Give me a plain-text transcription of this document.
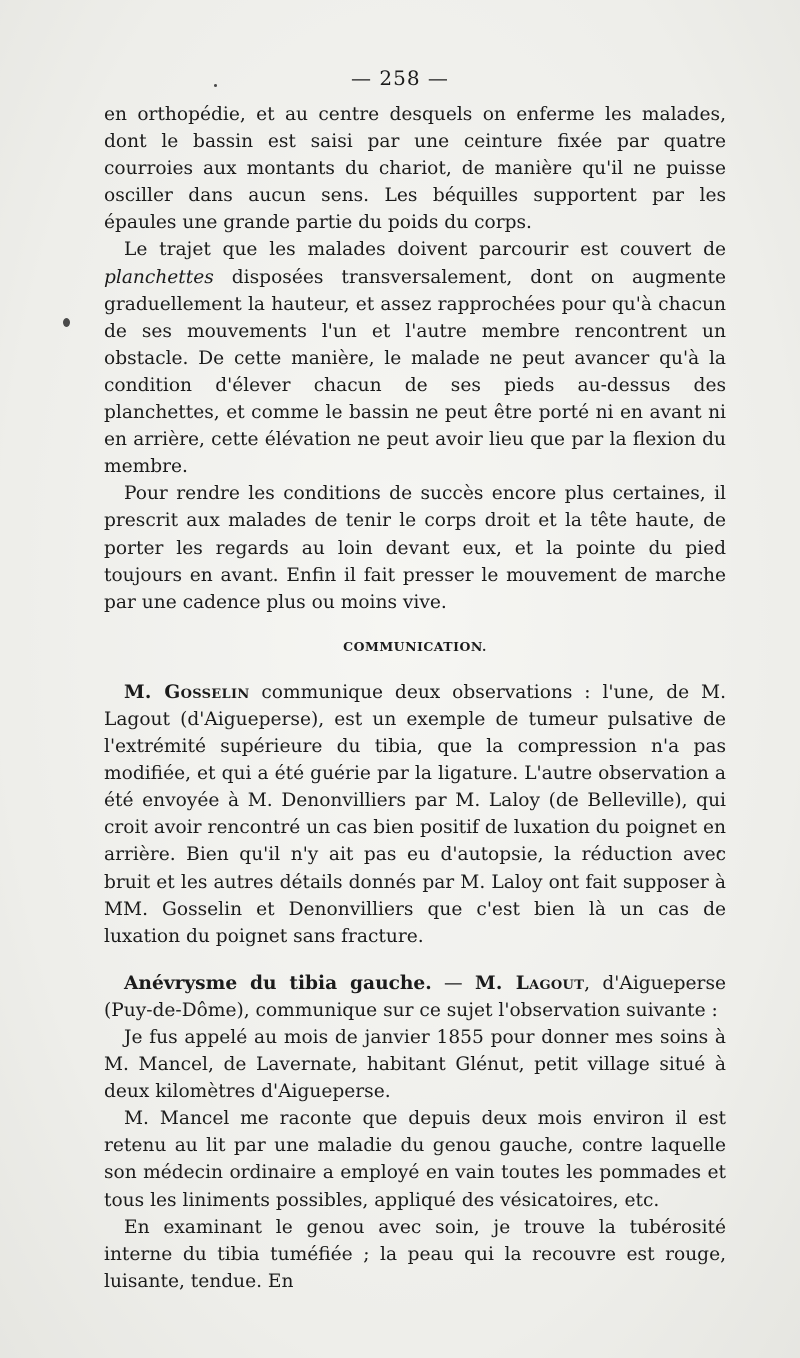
— 258 —

en orthopédie, et au centre desquels on enferme les malades, dont le bassin est saisi par une ceinture fixée par quatre courroies aux montants du chariot, de manière qu'il ne puisse osciller dans aucun sens. Les béquilles supportent par les épaules une grande partie du poids du corps.

Le trajet que les malades doivent parcourir est couvert de planchettes disposées transversalement, dont on augmente graduellement la hauteur, et assez rapprochées pour qu'à chacun de ses mouvements l'un et l'autre membre rencontrent un obstacle. De cette manière, le malade ne peut avancer qu'à la condition d'élever chacun de ses pieds au-dessus des planchettes, et comme le bassin ne peut être porté ni en avant ni en arrière, cette élévation ne peut avoir lieu que par la flexion du membre.

Pour rendre les conditions de succès encore plus certaines, il prescrit aux malades de tenir le corps droit et la tête haute, de porter les regards au loin devant eux, et la pointe du pied toujours en avant. Enfin il fait presser le mouvement de marche par une cadence plus ou moins vive.

COMMUNICATION.

M. Gosselin communique deux observations : l'une, de M. Lagout (d'Aigueperse), est un exemple de tumeur pulsative de l'extrémité supérieure du tibia, que la compression n'a pas modifiée, et qui a été guérie par la ligature. L'autre observation a été envoyée à M. Denonvilliers par M. Laloy (de Belleville), qui croit avoir rencontré un cas bien positif de luxation du poignet en arrière. Bien qu'il n'y ait pas eu d'autopsie, la réduction avec bruit et les autres détails donnés par M. Laloy ont fait supposer à MM. Gosselin et Denonvilliers que c'est bien là un cas de luxation du poignet sans fracture.

Anévrysme du tibia gauche. — M. Lagout, d'Aigueperse (Puy-de-Dôme), communique sur ce sujet l'observation suivante :

Je fus appelé au mois de janvier 1855 pour donner mes soins à M. Mancel, de Lavernate, habitant Glénut, petit village situé à deux kilomètres d'Aigueperse.

M. Mancel me raconte que depuis deux mois environ il est retenu au lit par une maladie du genou gauche, contre laquelle son médecin ordinaire a employé en vain toutes les pommades et tous les liniments possibles, appliqué des vésicatoires, etc.

En examinant le genou avec soin, je trouve la tubérosité interne du tibia tuméfiée ; la peau qui la recouvre est rouge, luisante, tendue. En
